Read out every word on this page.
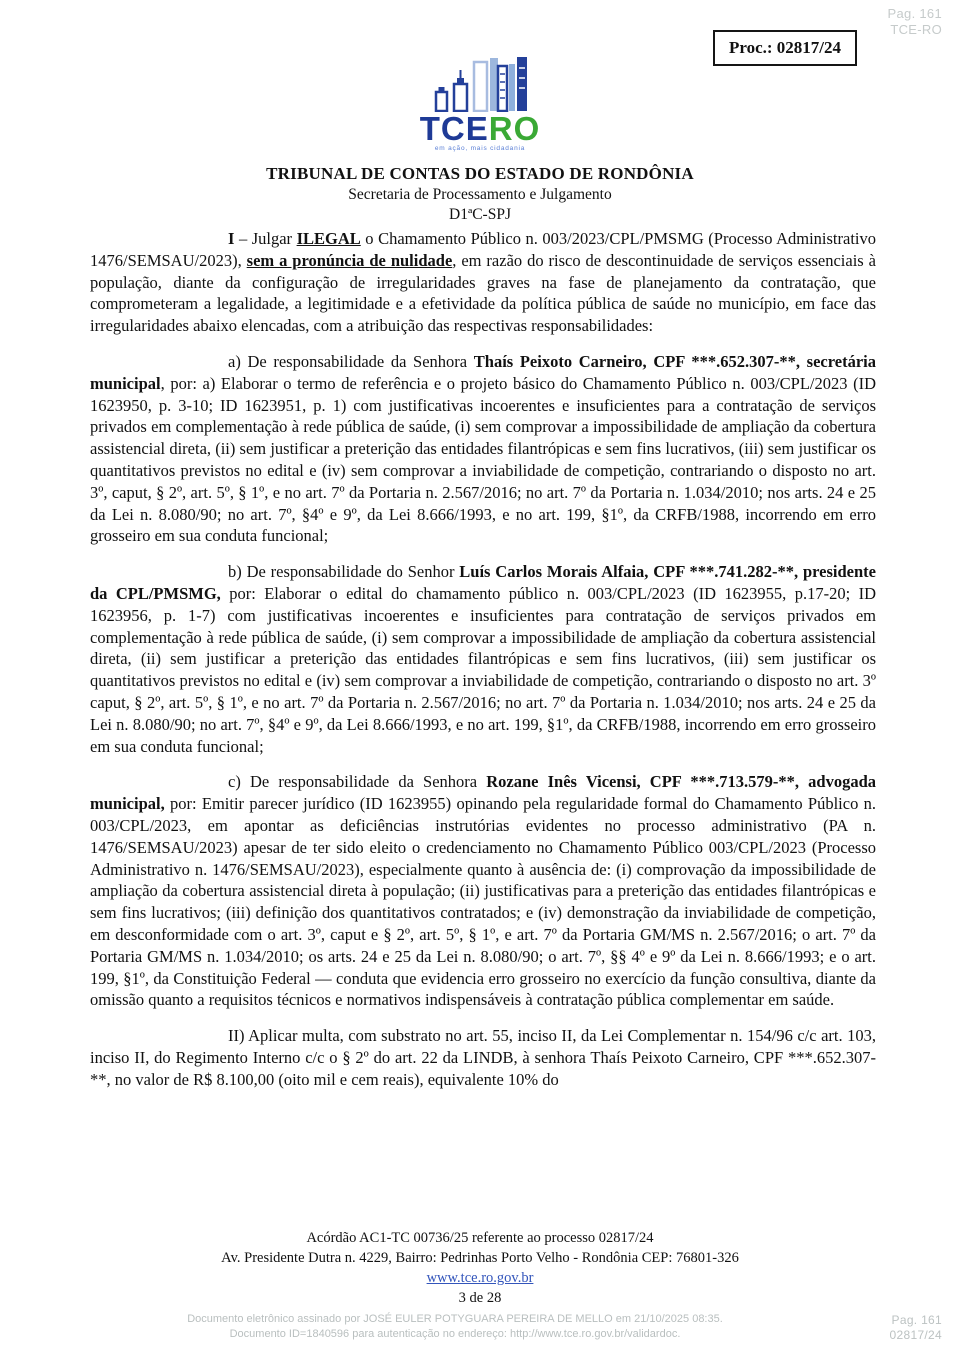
Pag. 161
TCE-RO
Proc.: 02817/24
TCERO
em ação, mais cidadania
TRIBUNAL DE CONTAS DO ESTADO DE RONDÔNIA
Secretaria de Processamento e Julgamento
D1ªC-SPJ

I – Julgar ILEGAL o Chamamento Público n. 003/2023/CPL/PMSMG (Processo Administrativo 1476/SEMSAU/2023), sem a pronúncia de nulidade, em razão do risco de descontinuidade de serviços essenciais à população, diante da configuração de irregularidades graves na fase de planejamento da contratação, que comprometeram a legalidade, a legitimidade e a efetividade da política pública de saúde no município, em face das irregularidades abaixo elencadas, com a atribuição das respectivas responsabilidades:

a) De responsabilidade da Senhora Thaís Peixoto Carneiro, CPF ***.652.307-**, secretária municipal, por: a) Elaborar o termo de referência e o projeto básico do Chamamento Público n. 003/CPL/2023 (ID 1623950, p. 3-10; ID 1623951, p. 1) com justificativas incoerentes e insuficientes para a contratação de serviços privados em complementação à rede pública de saúde, (i) sem comprovar a impossibilidade de ampliação da cobertura assistencial direta, (ii) sem justificar a preterição das entidades filantrópicas e sem fins lucrativos, (iii) sem justificar os quantitativos previstos no edital e (iv) sem comprovar a inviabilidade de competição, contrariando o disposto no art. 3º, caput, § 2º, art. 5º, § 1º, e no art. 7º da Portaria n. 2.567/2016; no art. 7º da Portaria n. 1.034/2010; nos arts. 24 e 25 da Lei n. 8.080/90; no art. 7º, §4º e 9º, da Lei 8.666/1993, e no art. 199, §1º, da CRFB/1988, incorrendo em erro grosseiro em sua conduta funcional;

b) De responsabilidade do Senhor Luís Carlos Morais Alfaia, CPF ***.741.282-**, presidente da CPL/PMSMG, por: Elaborar o edital do chamamento público n. 003/CPL/2023 (ID 1623955, p.17-20; ID 1623956, p. 1-7) com justificativas incoerentes e insuficientes para contratação de serviços privados em complementação à rede pública de saúde, (i) sem comprovar a impossibilidade de ampliação da cobertura assistencial direta, (ii) sem justificar a preterição das entidades filantrópicas e sem fins lucrativos, (iii) sem justificar os quantitativos previstos no edital e (iv) sem comprovar a inviabilidade de competição, contrariando o disposto no art. 3º caput, § 2º, art. 5º, § 1º, e no art. 7º da Portaria n. 2.567/2016; no art. 7º da Portaria n. 1.034/2010; nos arts. 24 e 25 da Lei n. 8.080/90; no art. 7º, §4º e 9º, da Lei 8.666/1993, e no art. 199, §1º, da CRFB/1988, incorrendo em erro grosseiro em sua conduta funcional;

c) De responsabilidade da Senhora Rozane Inês Vicensi, CPF ***.713.579-**, advogada municipal, por: Emitir parecer jurídico (ID 1623955) opinando pela regularidade formal do Chamamento Público n. 003/CPL/2023, em apontar as deficiências instrutórias evidentes no processo administrativo (PA n. 1476/SEMSAU/2023) apesar de ter sido eleito o credenciamento no Chamamento Público 003/CPL/2023 (Processo Administrativo n. 1476/SEMSAU/2023), especialmente quanto à ausência de: (i) comprovação da impossibilidade de ampliação da cobertura assistencial direta à população; (ii) justificativas para a preterição das entidades filantrópicas e sem fins lucrativos; (iii) definição dos quantitativos contratados; e (iv) demonstração da inviabilidade de competição, em desconformidade com o art. 3º, caput e § 2º, art. 5º, § 1º, e art. 7º da Portaria GM/MS n. 2.567/2016; o art. 7º da Portaria GM/MS n. 1.034/2010; os arts. 24 e 25 da Lei n. 8.080/90; o art. 7º, §§ 4º e 9º da Lei n. 8.666/1993; e o art. 199, §1º, da Constituição Federal — conduta que evidencia erro grosseiro no exercício da função consultiva, diante da omissão quanto a requisitos técnicos e normativos indispensáveis à contratação pública complementar em saúde.

II) Aplicar multa, com substrato no art. 55, inciso II, da Lei Complementar n. 154/96 c/c art. 103, inciso II, do Regimento Interno c/c o § 2º do art. 22 da LINDB, à senhora Thaís Peixoto Carneiro, CPF ***.652.307-**, no valor de R$ 8.100,00 (oito mil e cem reais), equivalente 10% do

Acórdão AC1-TC 00736/25 referente ao processo 02817/24
Av. Presidente Dutra n. 4229, Bairro: Pedrinhas Porto Velho - Rondônia CEP: 76801-326
www.tce.ro.gov.br
3 de 28
Documento eletrônico assinado por JOSÉ EULER POTYGUARA PEREIRA DE MELLO em 21/10/2025 08:35.
Documento ID=1840596 para autenticação no endereço: http://www.tce.ro.gov.br/validardoc.
Pag. 161
02817/24
